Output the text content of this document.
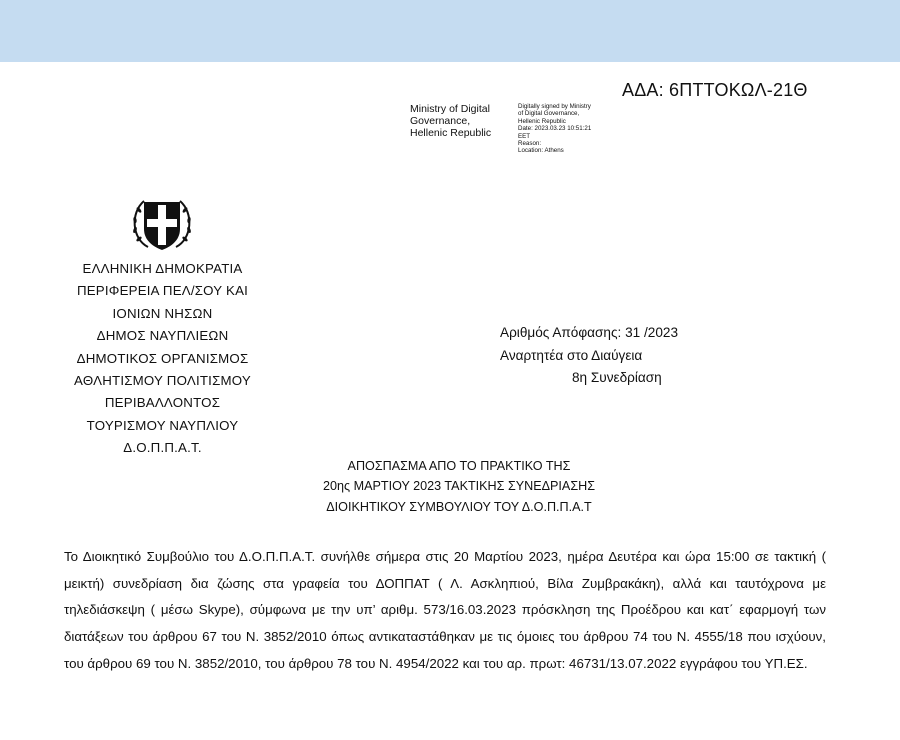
ΑΔΑ: 6ΠΤΤΟΚΩΛ-21Θ
Ministry of Digital
Governance,
Hellenic Republic
Digitally signed by Ministry
of Digital Governance,
Hellenic Republic
Date: 2023.03.23 10:51:21
EET
Reason:
Location: Athens
ΕΛΛΗΝΙΚΗ ΔΗΜΟΚΡΑΤΙΑ
ΠΕΡΙΦΕΡΕΙΑ ΠΕΛ/ΣΟΥ ΚΑΙ
ΙΟΝΙΩΝ ΝΗΣΩΝ
ΔΗΜΟΣ ΝΑΥΠΛΙΕΩΝ
ΔΗΜΟΤΙΚΟΣ ΟΡΓΑΝΙΣΜΟΣ
ΑΘΛΗΤΙΣΜΟΥ ΠΟΛΙΤΙΣΜΟΥ
ΠΕΡΙΒΑΛΛΟΝΤΟΣ
ΤΟΥΡΙΣΜΟΥ ΝΑΥΠΛΙΟΥ
Δ.Ο.Π.Π.Α.Τ.
Αριθμός Απόφασης: 31 /2023
Αναρτητέα στο Διαύγεια
8η Συνεδρίαση
ΑΠΟΣΠΑΣΜΑ ΑΠΟ ΤΟ ΠΡΑΚΤΙΚΟ ΤΗΣ
20ης ΜΑΡΤΙΟΥ 2023 ΤΑΚΤΙΚΗΣ ΣΥΝΕΔΡΙΑΣΗΣ
ΔΙΟΙΚΗΤΙΚΟΥ ΣΥΜΒΟΥΛΙΟΥ ΤΟΥ Δ.Ο.Π.Π.Α.Τ
Το Διοικητικό Συμβούλιο του Δ.Ο.Π.Π.Α.Τ. συνήλθε σήμερα στις 20 Μαρτίου 2023, ημέρα Δευτέρα και ώρα 15:00 σε τακτική ( μεικτή) συνεδρίαση δια ζώσης στα γραφεία του ΔΟΠΠΑΤ ( Λ. Ασκληπιού, Βίλα Ζυμβρακάκη), αλλά και ταυτόχρονα με τηλεδιάσκεψη ( μέσω Skype), σύμφωνα με την υπ’ αριθμ. 573/16.03.2023 πρόσκληση της Προέδρου και κατ΄ εφαρμογή των διατάξεων του άρθρου 67 του Ν. 3852/2010 όπως αντικαταστάθηκαν με τις όμοιες του άρθρου 74 του Ν. 4555/18 που ισχύουν, του άρθρου 69 του Ν. 3852/2010, του άρθρου 78 του Ν. 4954/2022 και του αρ. πρωτ: 46731/13.07.2022 εγγράφου του ΥΠ.ΕΣ.
